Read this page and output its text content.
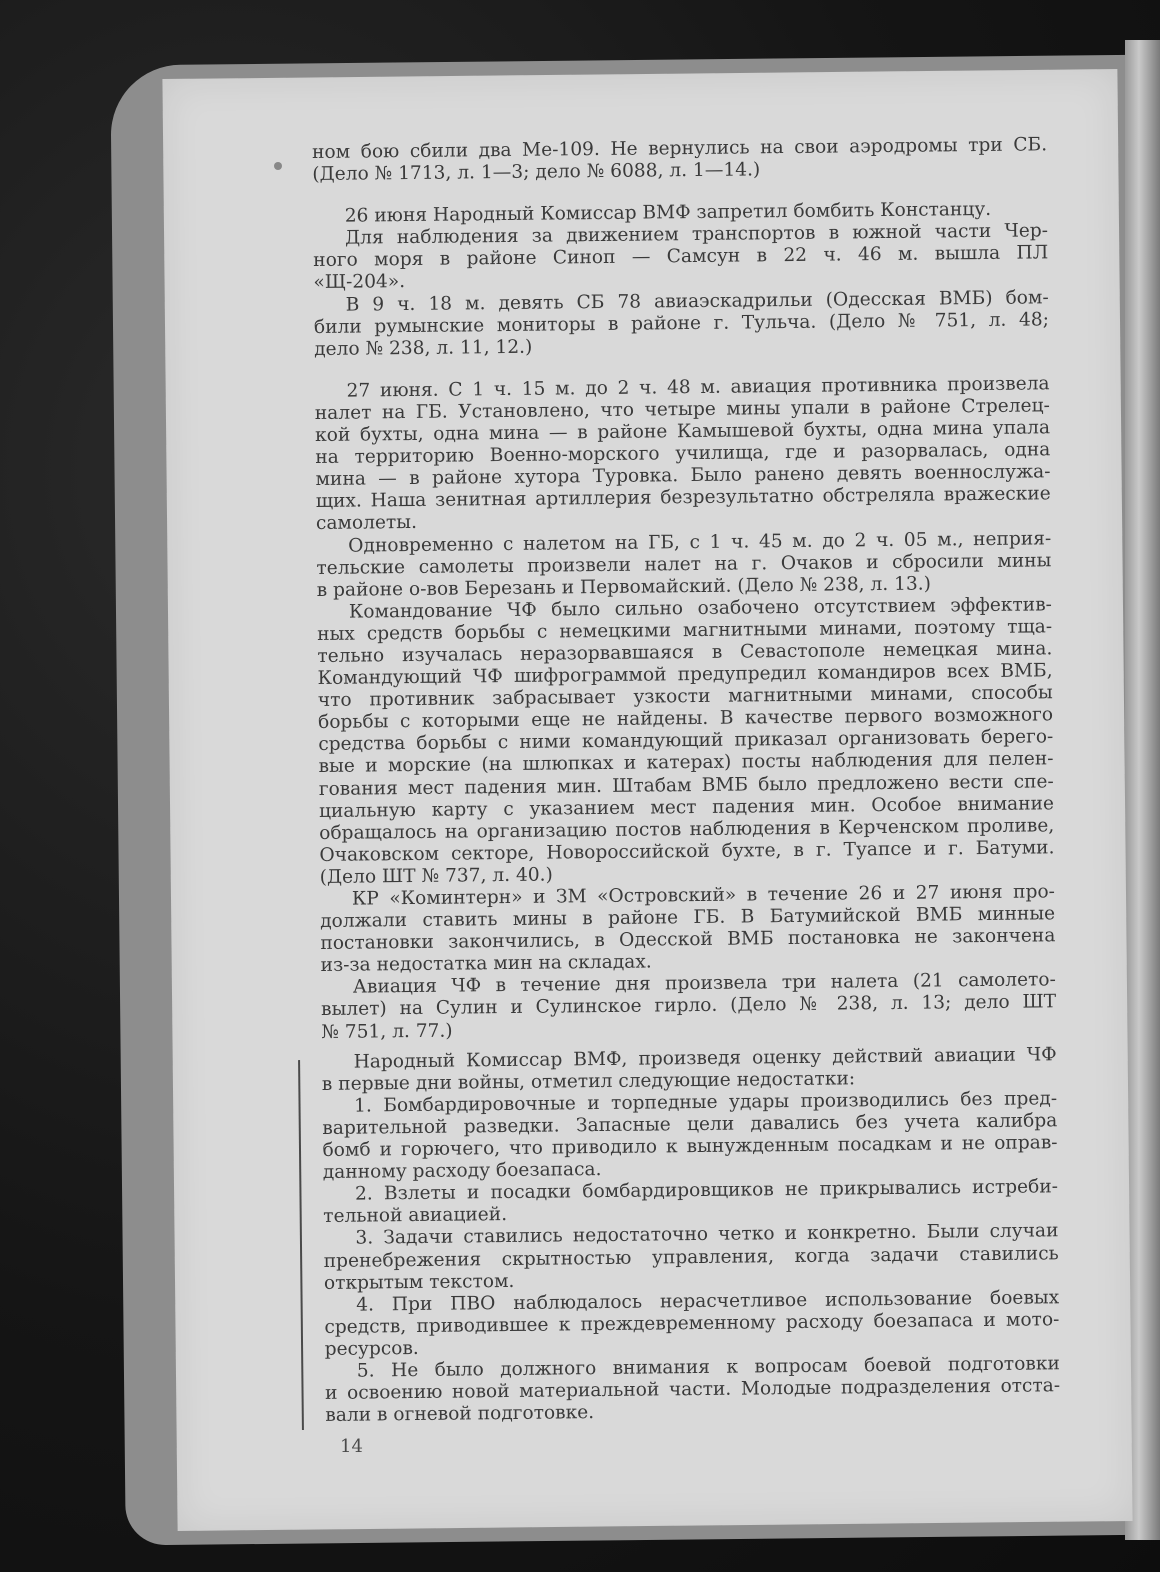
ном бою сбили два Ме-109. Не вернулись на свои аэродромы три СБ.
(Дело № 1713, л. 1—3; дело № 6088, л. 1—14.)
26 июня Народный Комиссар ВМФ запретил бомбить Констанцу.
Для наблюдения за движением транспортов в южной части Чер-
ного моря в районе Синоп — Самсун в 22 ч. 46 м. вышла ПЛ
«Щ-204».
В 9 ч. 18 м. девять СБ 78 авиаэскадрильи (Одесская ВМБ) бом-
били румынские мониторы в районе г. Тульча. (Дело № 751, л. 48;
дело № 238, л. 11, 12.)
27 июня. С 1 ч. 15 м. до 2 ч. 48 м. авиация противника произвела
налет на ГБ. Установлено, что четыре мины упали в районе Стрелец-
кой бухты, одна мина — в районе Камышевой бухты, одна мина упала
на территорию Военно-морского училища, где и разорвалась, одна
мина — в районе хутора Туровка. Было ранено девять военнослужа-
щих. Наша зенитная артиллерия безрезультатно обстреляла вражеские
самолеты.
Одновременно с налетом на ГБ, с 1 ч. 45 м. до 2 ч. 05 м., неприя-
тельские самолеты произвели налет на г. Очаков и сбросили мины
в районе о-вов Березань и Первомайский. (Дело № 238, л. 13.)
Командование ЧФ было сильно озабочено отсутствием эффектив-
ных средств борьбы с немецкими магнитными минами, поэтому тща-
тельно изучалась неразорвавшаяся в Севастополе немецкая мина.
Командующий ЧФ шифрограммой предупредил командиров всех ВМБ,
что противник забрасывает узкости магнитными минами, способы
борьбы с которыми еще не найдены. В качестве первого возможного
средства борьбы с ними командующий приказал организовать берего-
вые и морские (на шлюпках и катерах) посты наблюдения для пелен-
гования мест падения мин. Штабам ВМБ было предложено вести спе-
циальную карту с указанием мест падения мин. Особое внимание
обращалось на организацию постов наблюдения в Керченском проливе,
Очаковском секторе, Новороссийской бухте, в г. Туапсе и г. Батуми.
(Дело ШТ № 737, л. 40.)
КР «Коминтерн» и ЗМ «Островский» в течение 26 и 27 июня про-
должали ставить мины в районе ГБ. В Батумийской ВМБ минные
постановки закончились, в Одесской ВМБ постановка не закончена
из-за недостатка мин на складах.
Авиация ЧФ в течение дня произвела три налета (21 самолето-
вылет) на Сулин и Сулинское гирло. (Дело № 238, л. 13; дело ШТ
№ 751, л. 77.)
Народный Комиссар ВМФ, произведя оценку действий авиации ЧФ
в первые дни войны, отметил следующие недостатки:
1. Бомбардировочные и торпедные удары производились без пред-
варительной разведки. Запасные цели давались без учета калибра
бомб и горючего, что приводило к вынужденным посадкам и не оправ-
данному расходу боезапаса.
2. Взлеты и посадки бомбардировщиков не прикрывались истреби-
тельной авиацией.
3. Задачи ставились недостаточно четко и конкретно. Были случаи
пренебрежения скрытностью управления, когда задачи ставились
открытым текстом.
4. При ПВО наблюдалось нерасчетливое использование боевых
средств, приводившее к преждевременному расходу боезапаса и мото-
ресурсов.
5. Не было должного внимания к вопросам боевой подготовки
и освоению новой материальной части. Молодые подразделения отста-
вали в огневой подготовке.
14
